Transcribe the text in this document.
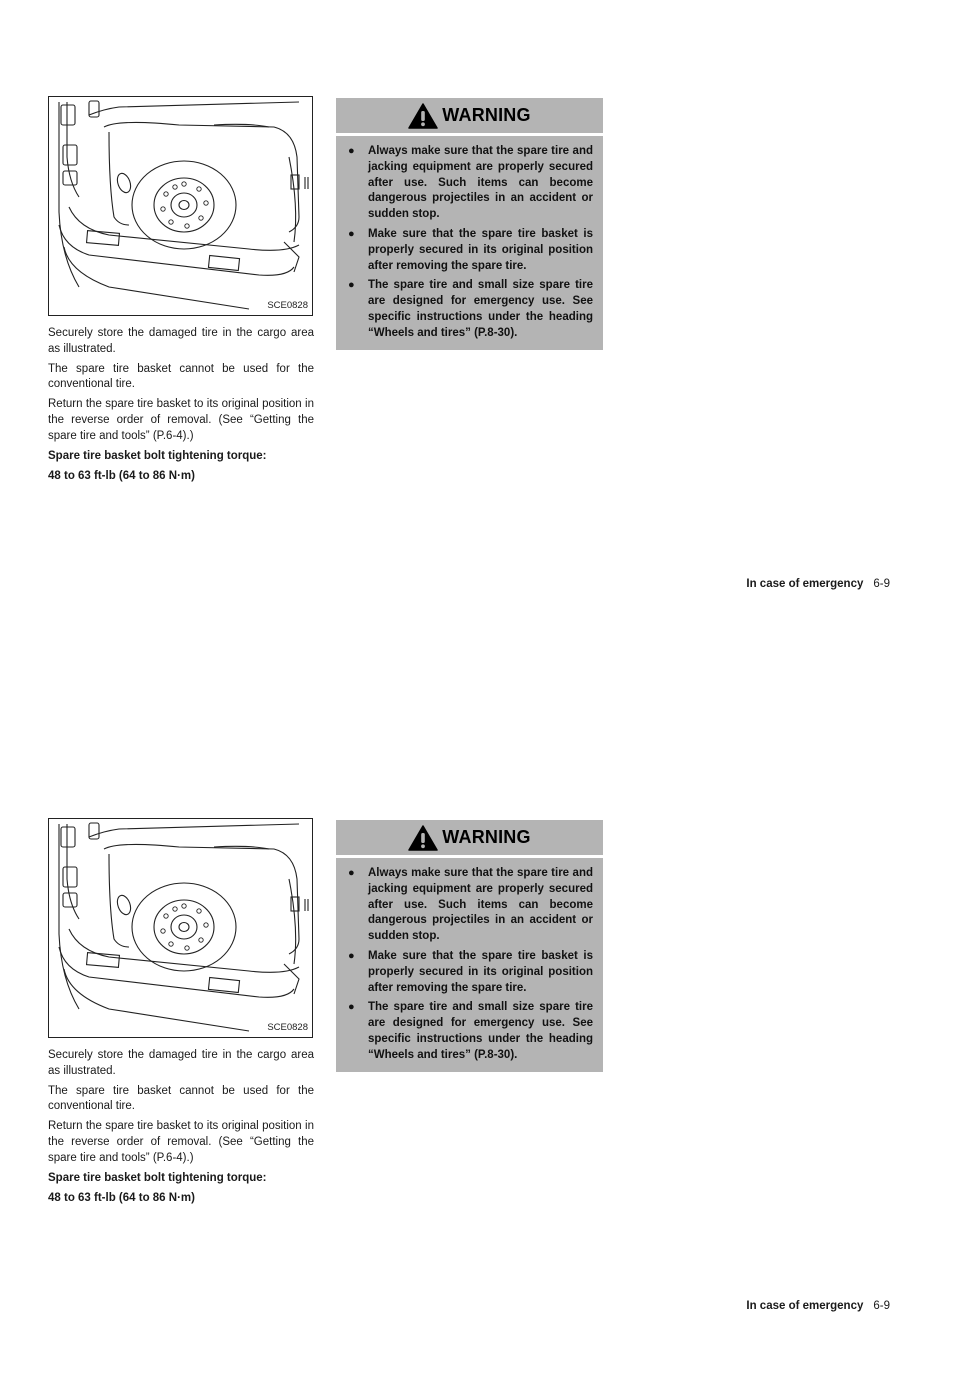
SCE0828

Securely store the damaged tire in the cargo area as illustrated.

The spare tire basket cannot be used for the conventional tire.

Return the spare tire basket to its original position in the reverse order of removal. (See “Getting the spare tire and tools” (P.6-4).)

Spare tire basket bolt tightening torque:

48 to 63 ft-lb (64 to 86 N·m)

WARNING
● Always make sure that the spare tire and jacking equipment are properly secured after use. Such items can become dangerous projectiles in an accident or sudden stop.
● Make sure that the spare tire basket is properly secured in its original position after removing the spare tire.
● The spare tire and small size spare tire are designed for emergency use. See specific instructions under the heading “Wheels and tires” (P.8-30).
In case of emergency 6-9
SCE0828

Securely store the damaged tire in the cargo area as illustrated.

The spare tire basket cannot be used for the conventional tire.

Return the spare tire basket to its original position in the reverse order of removal. (See “Getting the spare tire and tools” (P.6-4).)

Spare tire basket bolt tightening torque:

48 to 63 ft-lb (64 to 86 N·m)

WARNING
● Always make sure that the spare tire and jacking equipment are properly secured after use. Such items can become dangerous projectiles in an accident or sudden stop.
● Make sure that the spare tire basket is properly secured in its original position after removing the spare tire.
● The spare tire and small size spare tire are designed for emergency use. See specific instructions under the heading “Wheels and tires” (P.8-30).
In case of emergency 6-9
